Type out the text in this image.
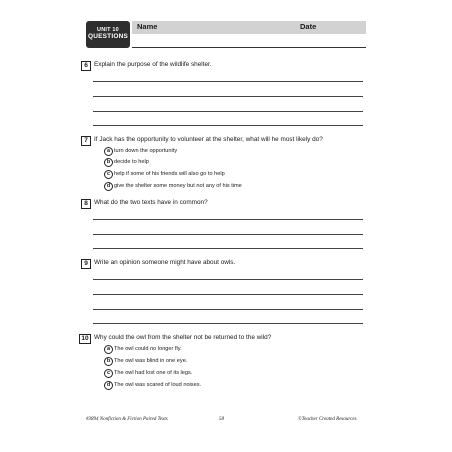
UNIT 10
QUESTIONS
Name	Date
6 Explain the purpose of the wildlife shelter.
7 If Jack has the opportunity to volunteer at the shelter, what will he most likely do?
a turn down the opportunity
b decide to help
c help if some of his friends will also go to help
d give the shelter some money but not any of his time
8 What do the two texts have in common?
9 Write an opinion someone might have about owls.
10 Why could the owl from the shelter not be returned to the wild?
a The owl could no longer fly.
b The owl was blind in one eye.
c The owl had lost one of its legs.
d The owl was scared of loud noises.
#3894 Nonfiction & Fiction Paired Texts	58	©Teacher Created Resources
